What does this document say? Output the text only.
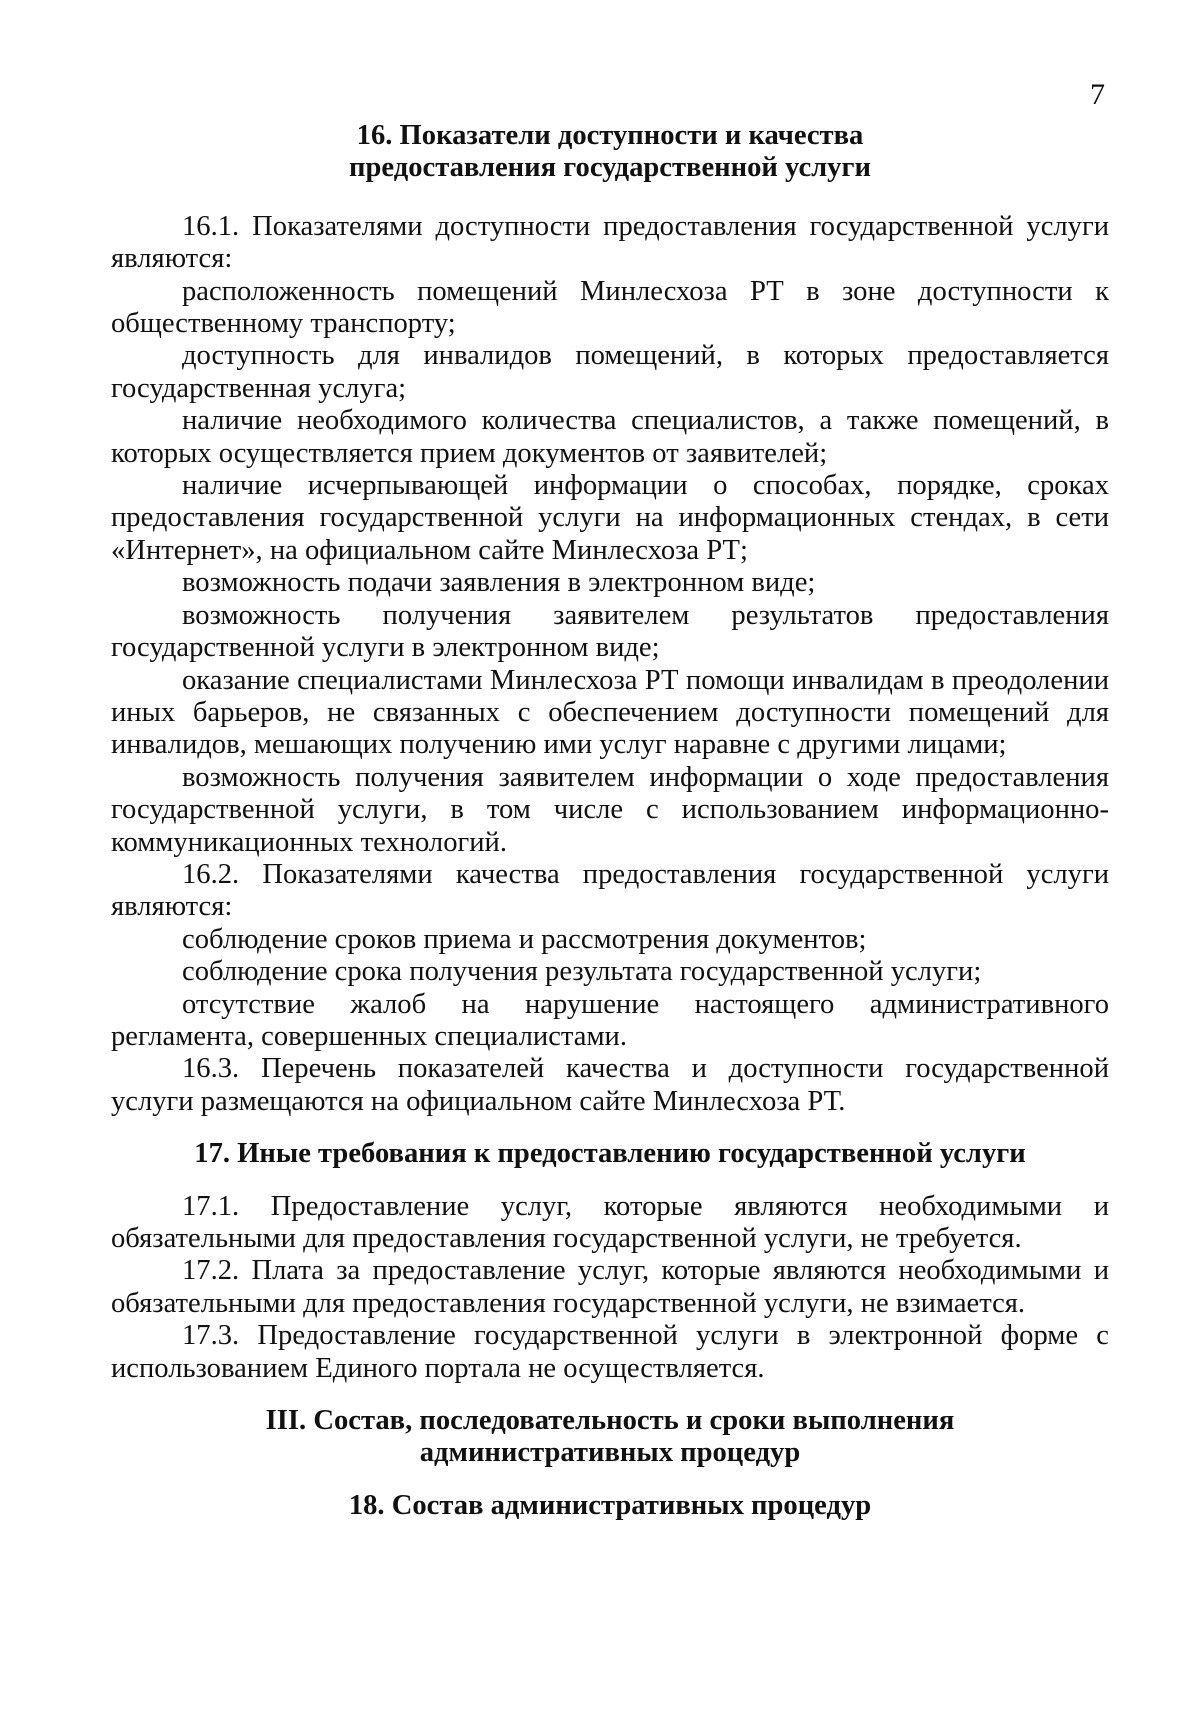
7
16. Показатели доступности и качества предоставления государственной услуги

16.1. Показателями доступности предоставления государственной услуги являются:

расположенность помещений Минлесхоза РТ в зоне доступности к общественному транспорту;

доступность для инвалидов помещений, в которых предоставляется государственная услуга;

наличие необходимого количества специалистов, а также помещений, в которых осуществляется прием документов от заявителей;

наличие исчерпывающей информации о способах, порядке, сроках предоставления государственной услуги на информационных стендах, в сети «Интернет», на официальном сайте Минлесхоза РТ;

возможность подачи заявления в электронном виде;

возможность получения заявителем результатов предоставления государственной услуги в электронном виде;

оказание специалистами Минлесхоза РТ помощи инвалидам в преодолении иных барьеров, не связанных с обеспечением доступности помещений для инвалидов, мешающих получению ими услуг наравне с другими лицами;

возможность получения заявителем информации о ходе предоставления государственной услуги, в том числе с использованием информационно-коммуникационных технологий.

16.2. Показателями качества предоставления государственной услуги являются:

соблюдение сроков приема и рассмотрения документов;

соблюдение срока получения результата государственной услуги;

отсутствие жалоб на нарушение настоящего административного регламента, совершенных специалистами.

16.3. Перечень показателей качества и доступности государственной услуги размещаются на официальном сайте Минлесхоза РТ.

17. Иные требования к предоставлению государственной услуги

17.1. Предоставление услуг, которые являются необходимыми и обязательными для предоставления государственной услуги, не требуется.

17.2. Плата за предоставление услуг, которые являются необходимыми и обязательными для предоставления государственной услуги, не взимается.

17.3. Предоставление государственной услуги в электронной форме с использованием Единого портала не осуществляется.

III. Состав, последовательность и сроки выполнения
административных процедур
18. Состав административных процедур
